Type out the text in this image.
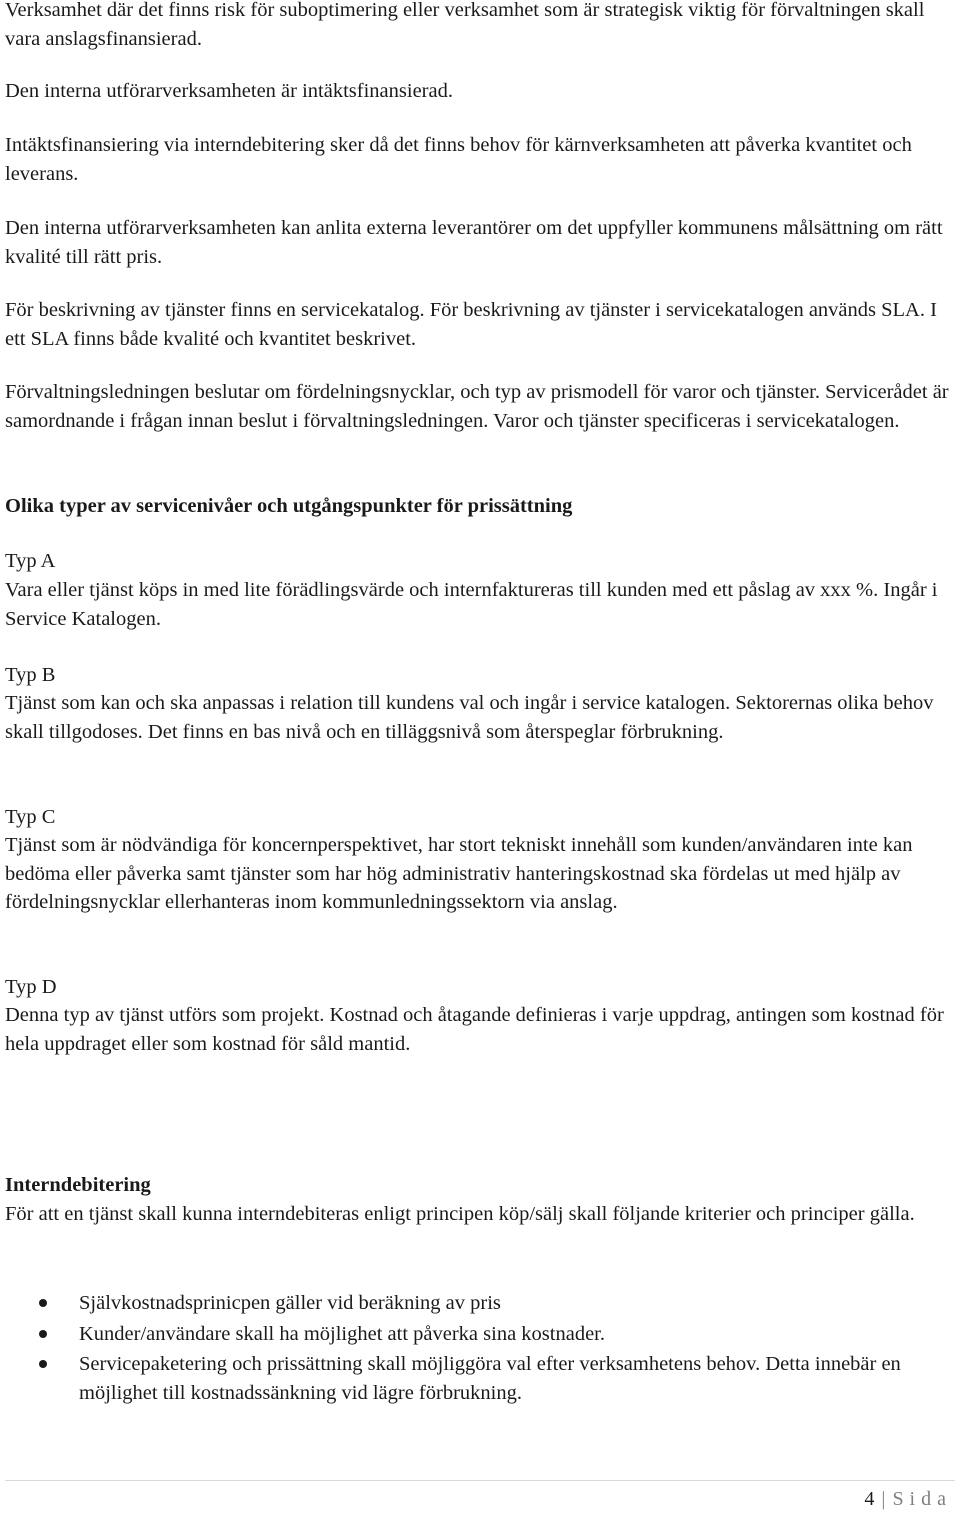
Verksamhet där det finns risk för suboptimering eller verksamhet som är strategisk viktig för förvaltningen skall vara anslagsfinansierad.

Den interna utförarverksamheten är intäktsfinansierad.

Intäktsfinansiering via interndebitering sker då det finns behov för kärnverksamheten att påverka kvantitet och leverans.

Den interna utförarverksamheten kan anlita externa leverantörer om det uppfyller kommunens målsättning om rätt kvalité till rätt pris.

För beskrivning av tjänster finns en servicekatalog. För beskrivning av tjänster i servicekatalogen används SLA. I ett SLA finns både kvalité och kvantitet beskrivet.

Förvaltningsledningen beslutar om fördelningsnycklar, och typ av prismodell för varor och tjänster. Servicerådet är samordnande i frågan innan beslut i förvaltningsledningen. Varor och tjänster specificeras i servicekatalogen.

Olika typer av servicenivåer och utgångspunkter för prissättning

Typ A

Vara eller tjänst köps in med lite förädlingsvärde och internfaktureras till kunden med ett påslag av xxx %. Ingår i Service Katalogen.

Typ B

Tjänst som kan och ska anpassas i relation till kundens val och ingår i service katalogen. Sektorernas olika behov skall tillgodoses. Det finns en bas nivå och en tilläggsnivå som återspeglar förbrukning.

Typ C

Tjänst som är nödvändiga för koncernperspektivet, har stort tekniskt innehåll som kunden/användaren inte kan bedöma eller påverka samt tjänster som har hög administrativ hanteringskostnad ska fördelas ut med hjälp av fördelningsnycklar ellerhanteras inom kommunledningssektorn via anslag.

Typ D

Denna typ av tjänst utförs som projekt. Kostnad och åtagande definieras i varje uppdrag, antingen som kostnad för hela uppdraget eller som kostnad för såld mantid.

Interndebitering

För att en tjänst skall kunna interndebiteras enligt principen köp/sälj skall följande kriterier och principer gälla.

Självkostnadsprinicpen gäller vid beräkning av pris
Kunder/användare skall ha möjlighet att påverka sina kostnader.
Servicepaketering och prissättning skall möjliggöra val efter verksamhetens behov. Detta innebär en möjlighet till kostnadssänkning vid lägre förbrukning.
4 | Sida
